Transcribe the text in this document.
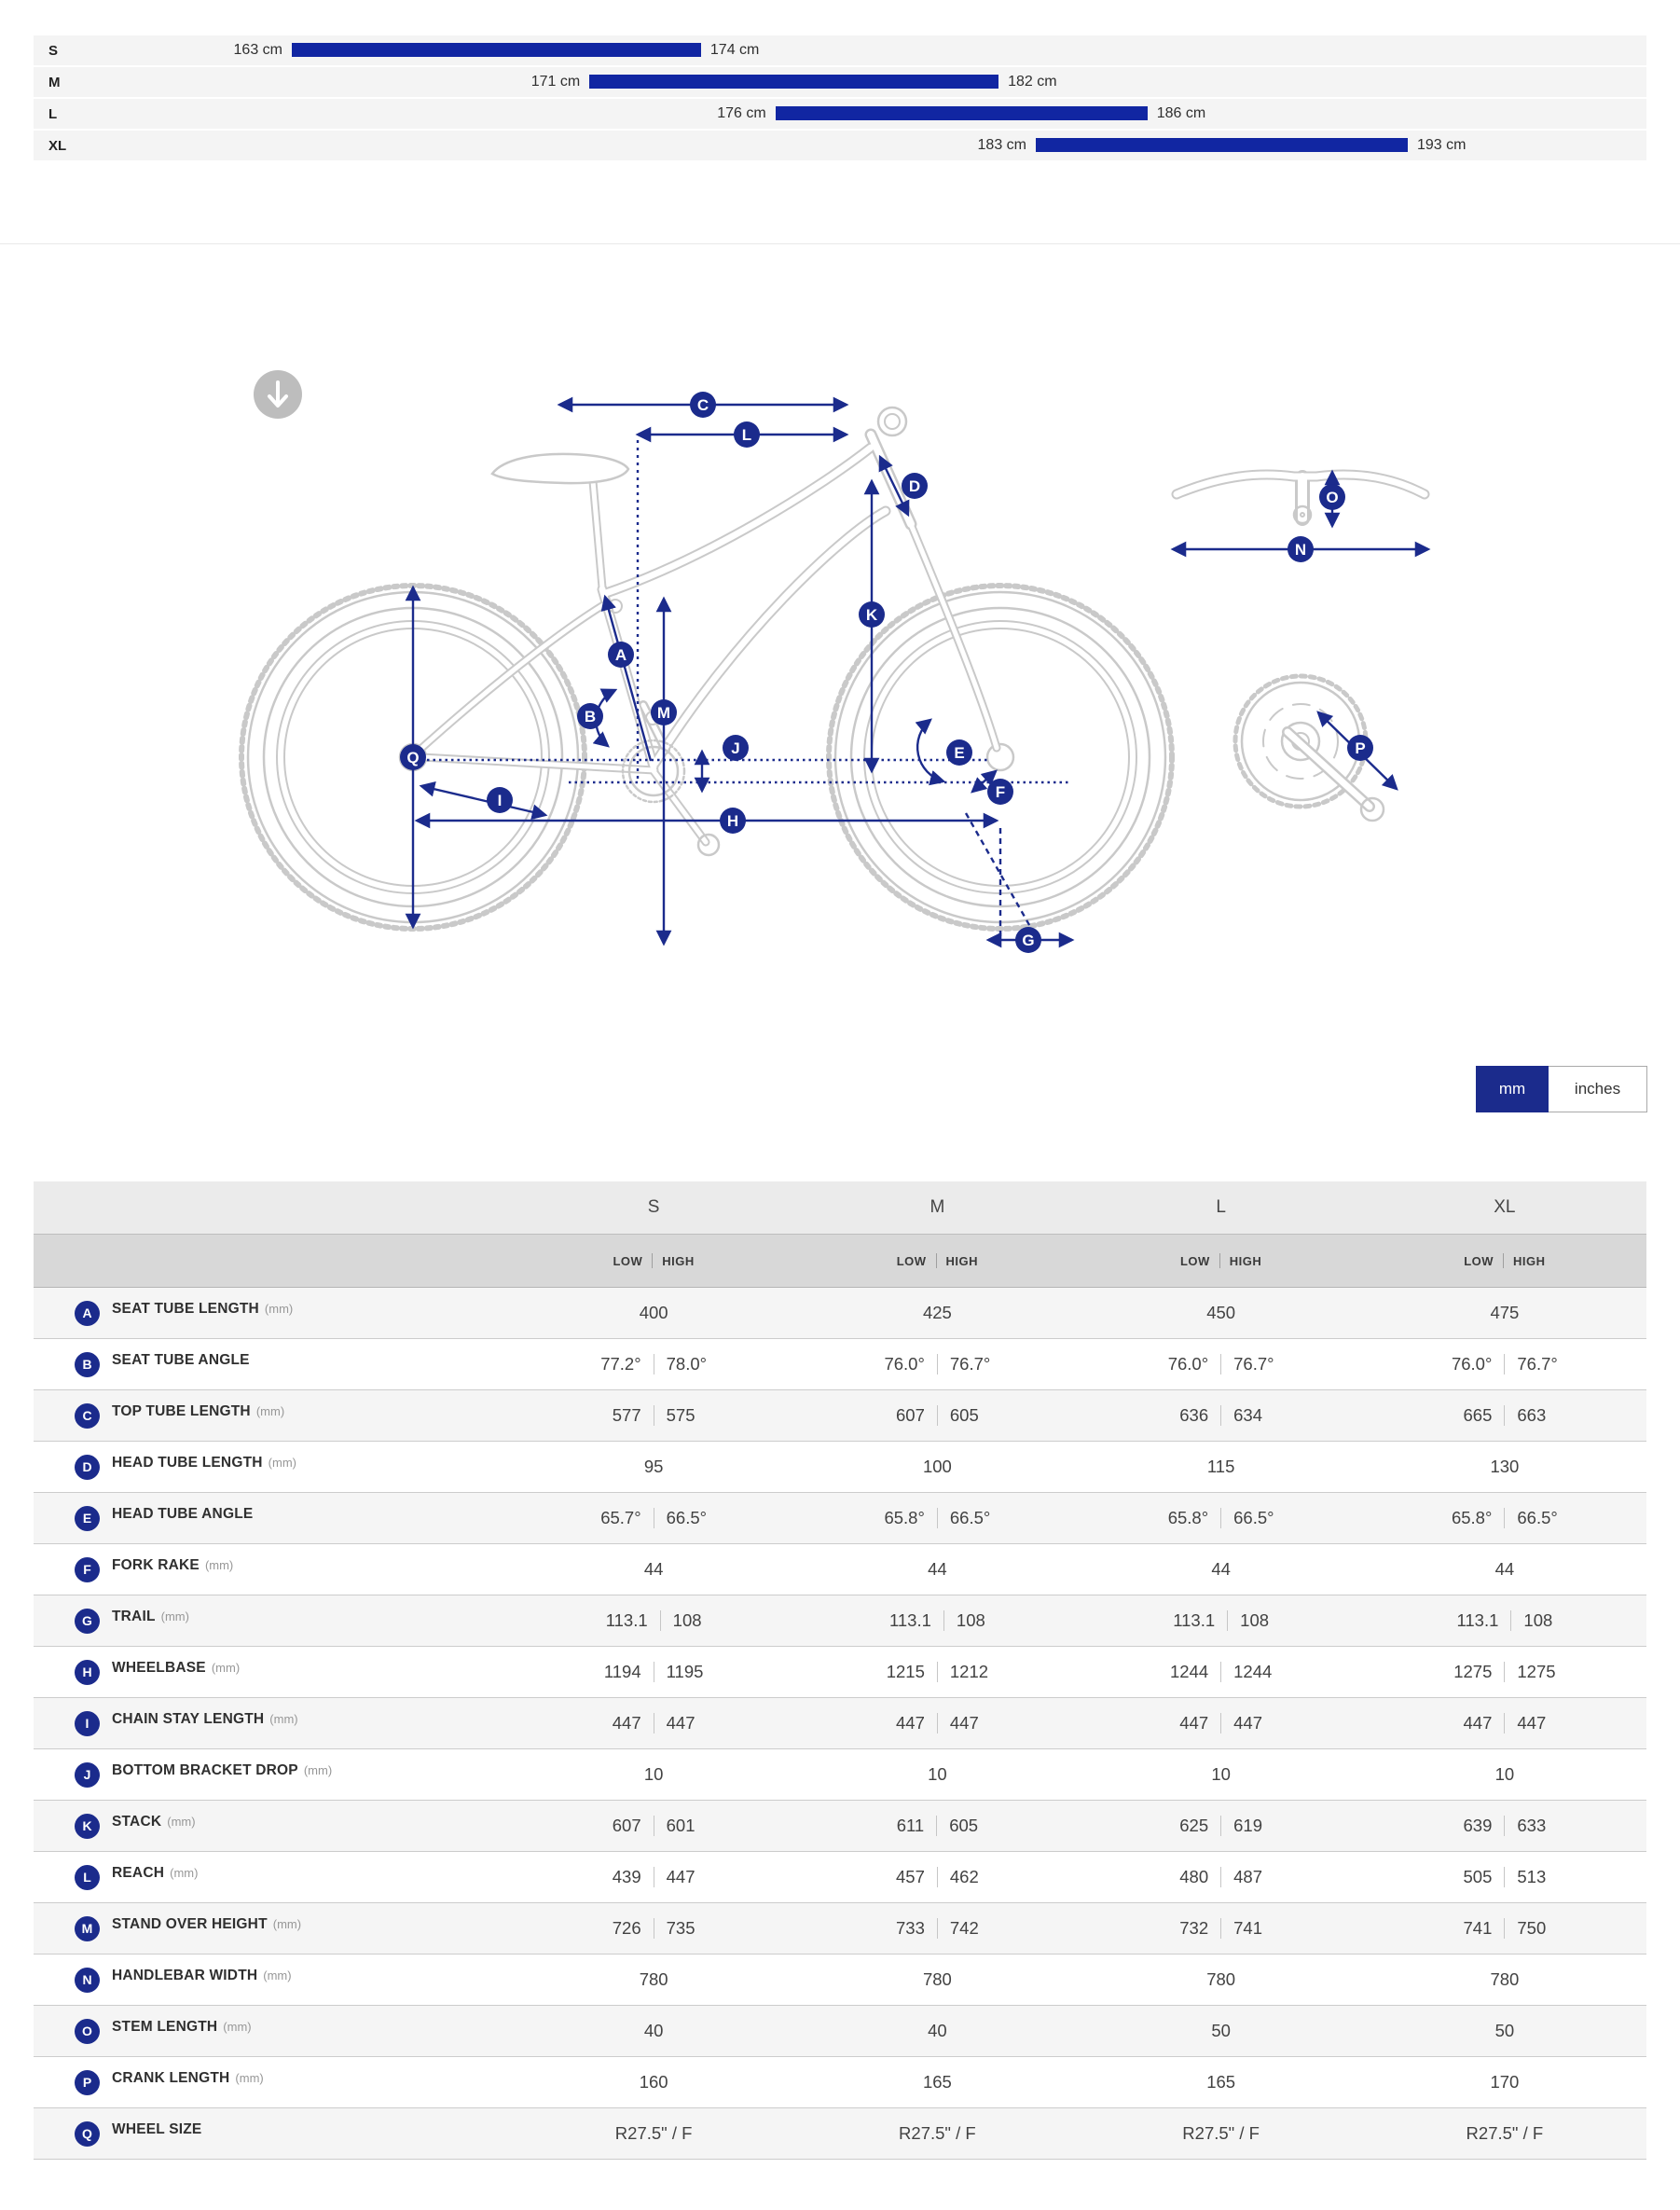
S	163 cm	174 cm
M	171 cm	182 cm
L	176 cm	186 cm
XL	183 cm	193 cm
A
B
C
D
E
F
G
H
I
J
K
L
M
N
O
P
Q
mm	inches
S	M	L	XL
LOW HIGH	LOW HIGH	LOW HIGH	LOW HIGH
A	SEAT TUBE LENGTH (mm)	400	425	450	475
B	SEAT TUBE ANGLE	77.2° 78.0°	76.0° 76.7°	76.0° 76.7°	76.0° 76.7°
C	TOP TUBE LENGTH (mm)	577 575	607 605	636 634	665 663
D	HEAD TUBE LENGTH (mm)	95	100	115	130
E	HEAD TUBE ANGLE	65.7° 66.5°	65.8° 66.5°	65.8° 66.5°	65.8° 66.5°
F	FORK RAKE (mm)	44	44	44	44
G	TRAIL (mm)	113.1 108	113.1 108	113.1 108	113.1 108
H	WHEELBASE (mm)	1194 1195	1215 1212	1244 1244	1275 1275
I	CHAIN STAY LENGTH (mm)	447 447	447 447	447 447	447 447
J	BOTTOM BRACKET DROP (mm)	10	10	10	10
K	STACK (mm)	607 601	611 605	625 619	639 633
L	REACH (mm)	439 447	457 462	480 487	505 513
M	STAND OVER HEIGHT (mm)	726 735	733 742	732 741	741 750
N	HANDLEBAR WIDTH (mm)	780	780	780	780
O	STEM LENGTH (mm)	40	40	50	50
P	CRANK LENGTH (mm)	160	165	165	170
Q	WHEEL SIZE	R27.5" / F	R27.5" / F	R27.5" / F	R27.5" / F
